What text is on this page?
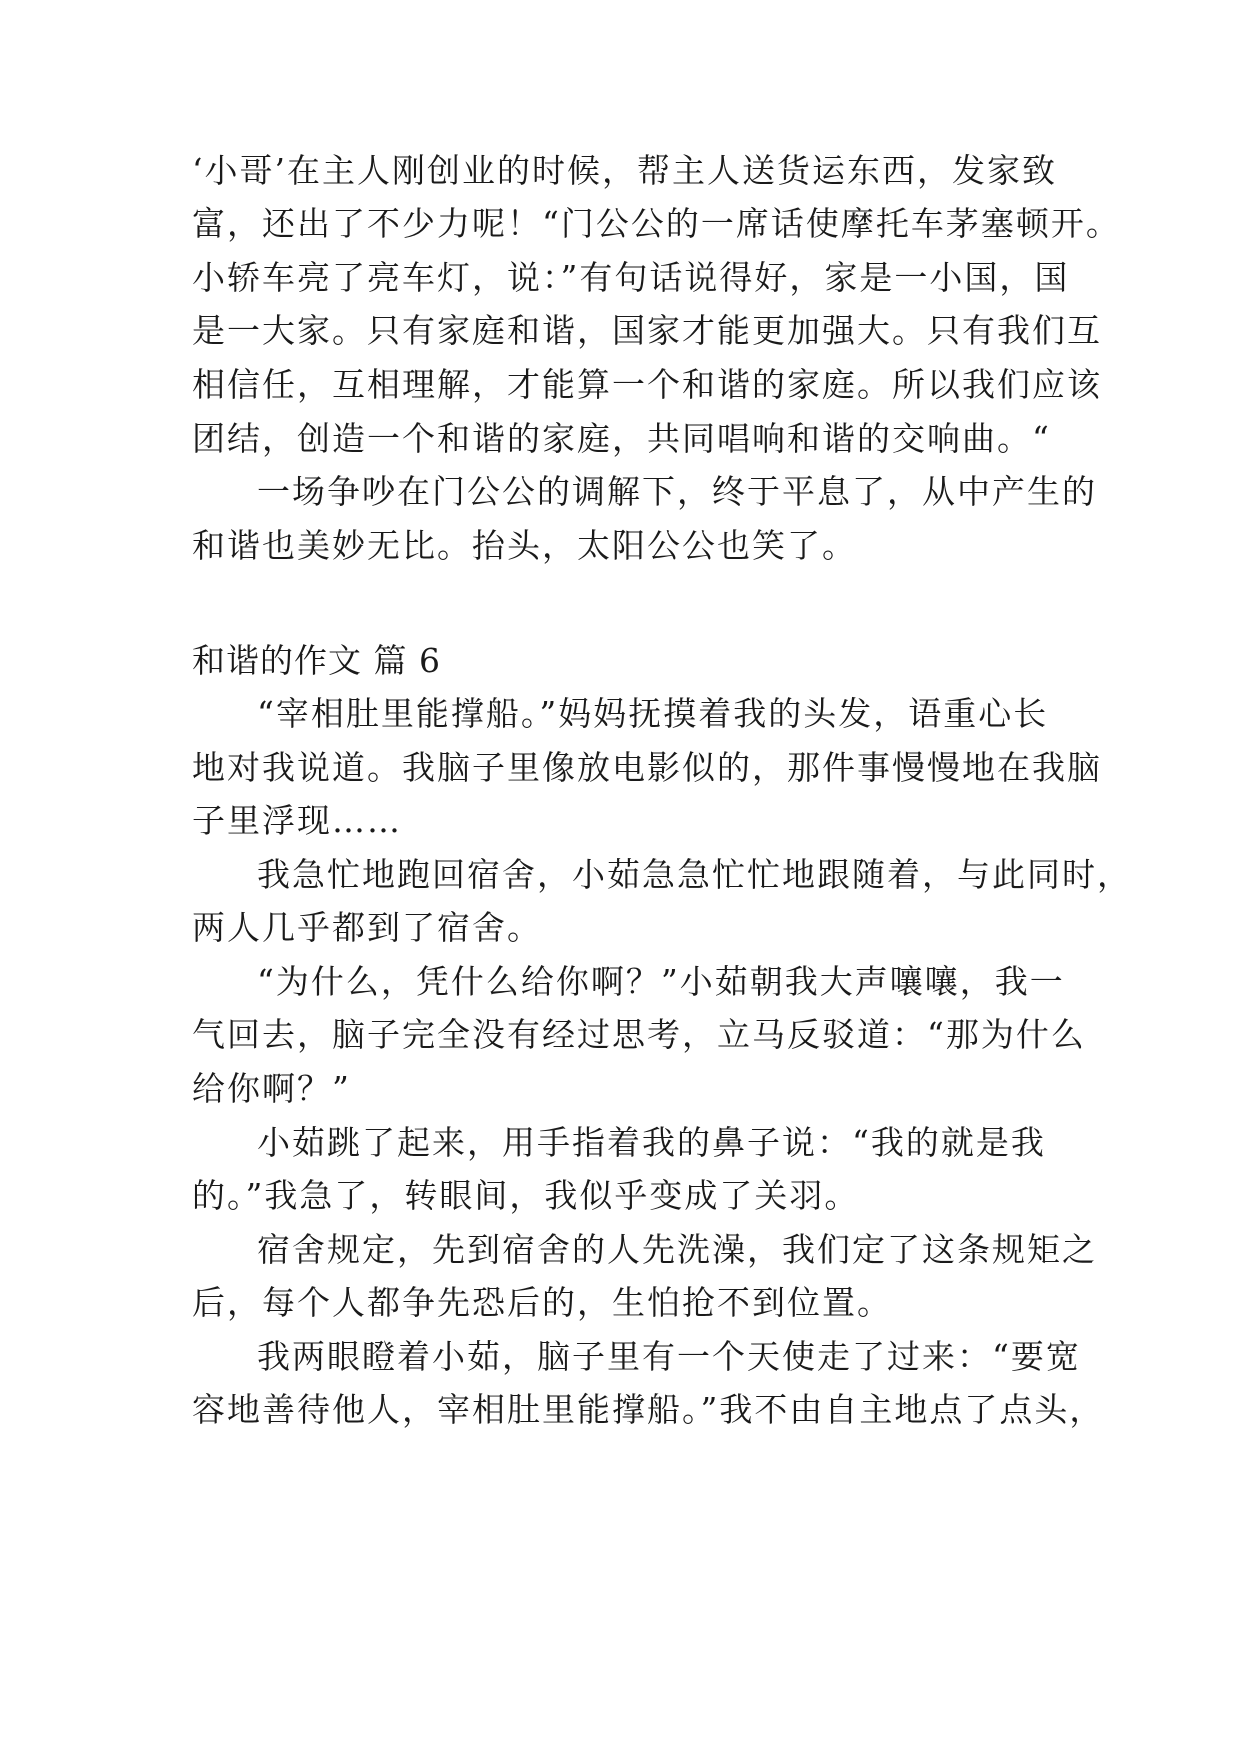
‘小哥’在主人刚创业的时候，帮主人送货运东西，发家致
富，还出了不少力呢！“门公公的一席话使摩托车茅塞顿开。
小轿车亮了亮车灯，说：”有句话说得好，家是一小国，国
是一大家。只有家庭和谐，国家才能更加强大。只有我们互
相信任，互相理解，才能算一个和谐的家庭。所以我们应该
团结，创造一个和谐的家庭，共同唱响和谐的交响曲。“
一场争吵在门公公的调解下，终于平息了，从中产生的
和谐也美妙无比。抬头，太阳公公也笑了。
和谐的作文 篇 6
“宰相肚里能撑船。”妈妈抚摸着我的头发，语重心长
地对我说道。我脑子里像放电影似的，那件事慢慢地在我脑
子里浮现……
我急忙地跑回宿舍，小茹急急忙忙地跟随着，与此同时，
两人几乎都到了宿舍。
“为什么，凭什么给你啊？”小茹朝我大声嚷嚷，我一
气回去，脑子完全没有经过思考，立马反驳道：“那为什么
给你啊？”
小茹跳了起来，用手指着我的鼻子说：“我的就是我
的。”我急了，转眼间，我似乎变成了关羽。
宿舍规定，先到宿舍的人先洗澡，我们定了这条规矩之
后，每个人都争先恐后的，生怕抢不到位置。
我两眼瞪着小茹，脑子里有一个天使走了过来：“要宽
容地善待他人，宰相肚里能撑船。”我不由自主地点了点头，
